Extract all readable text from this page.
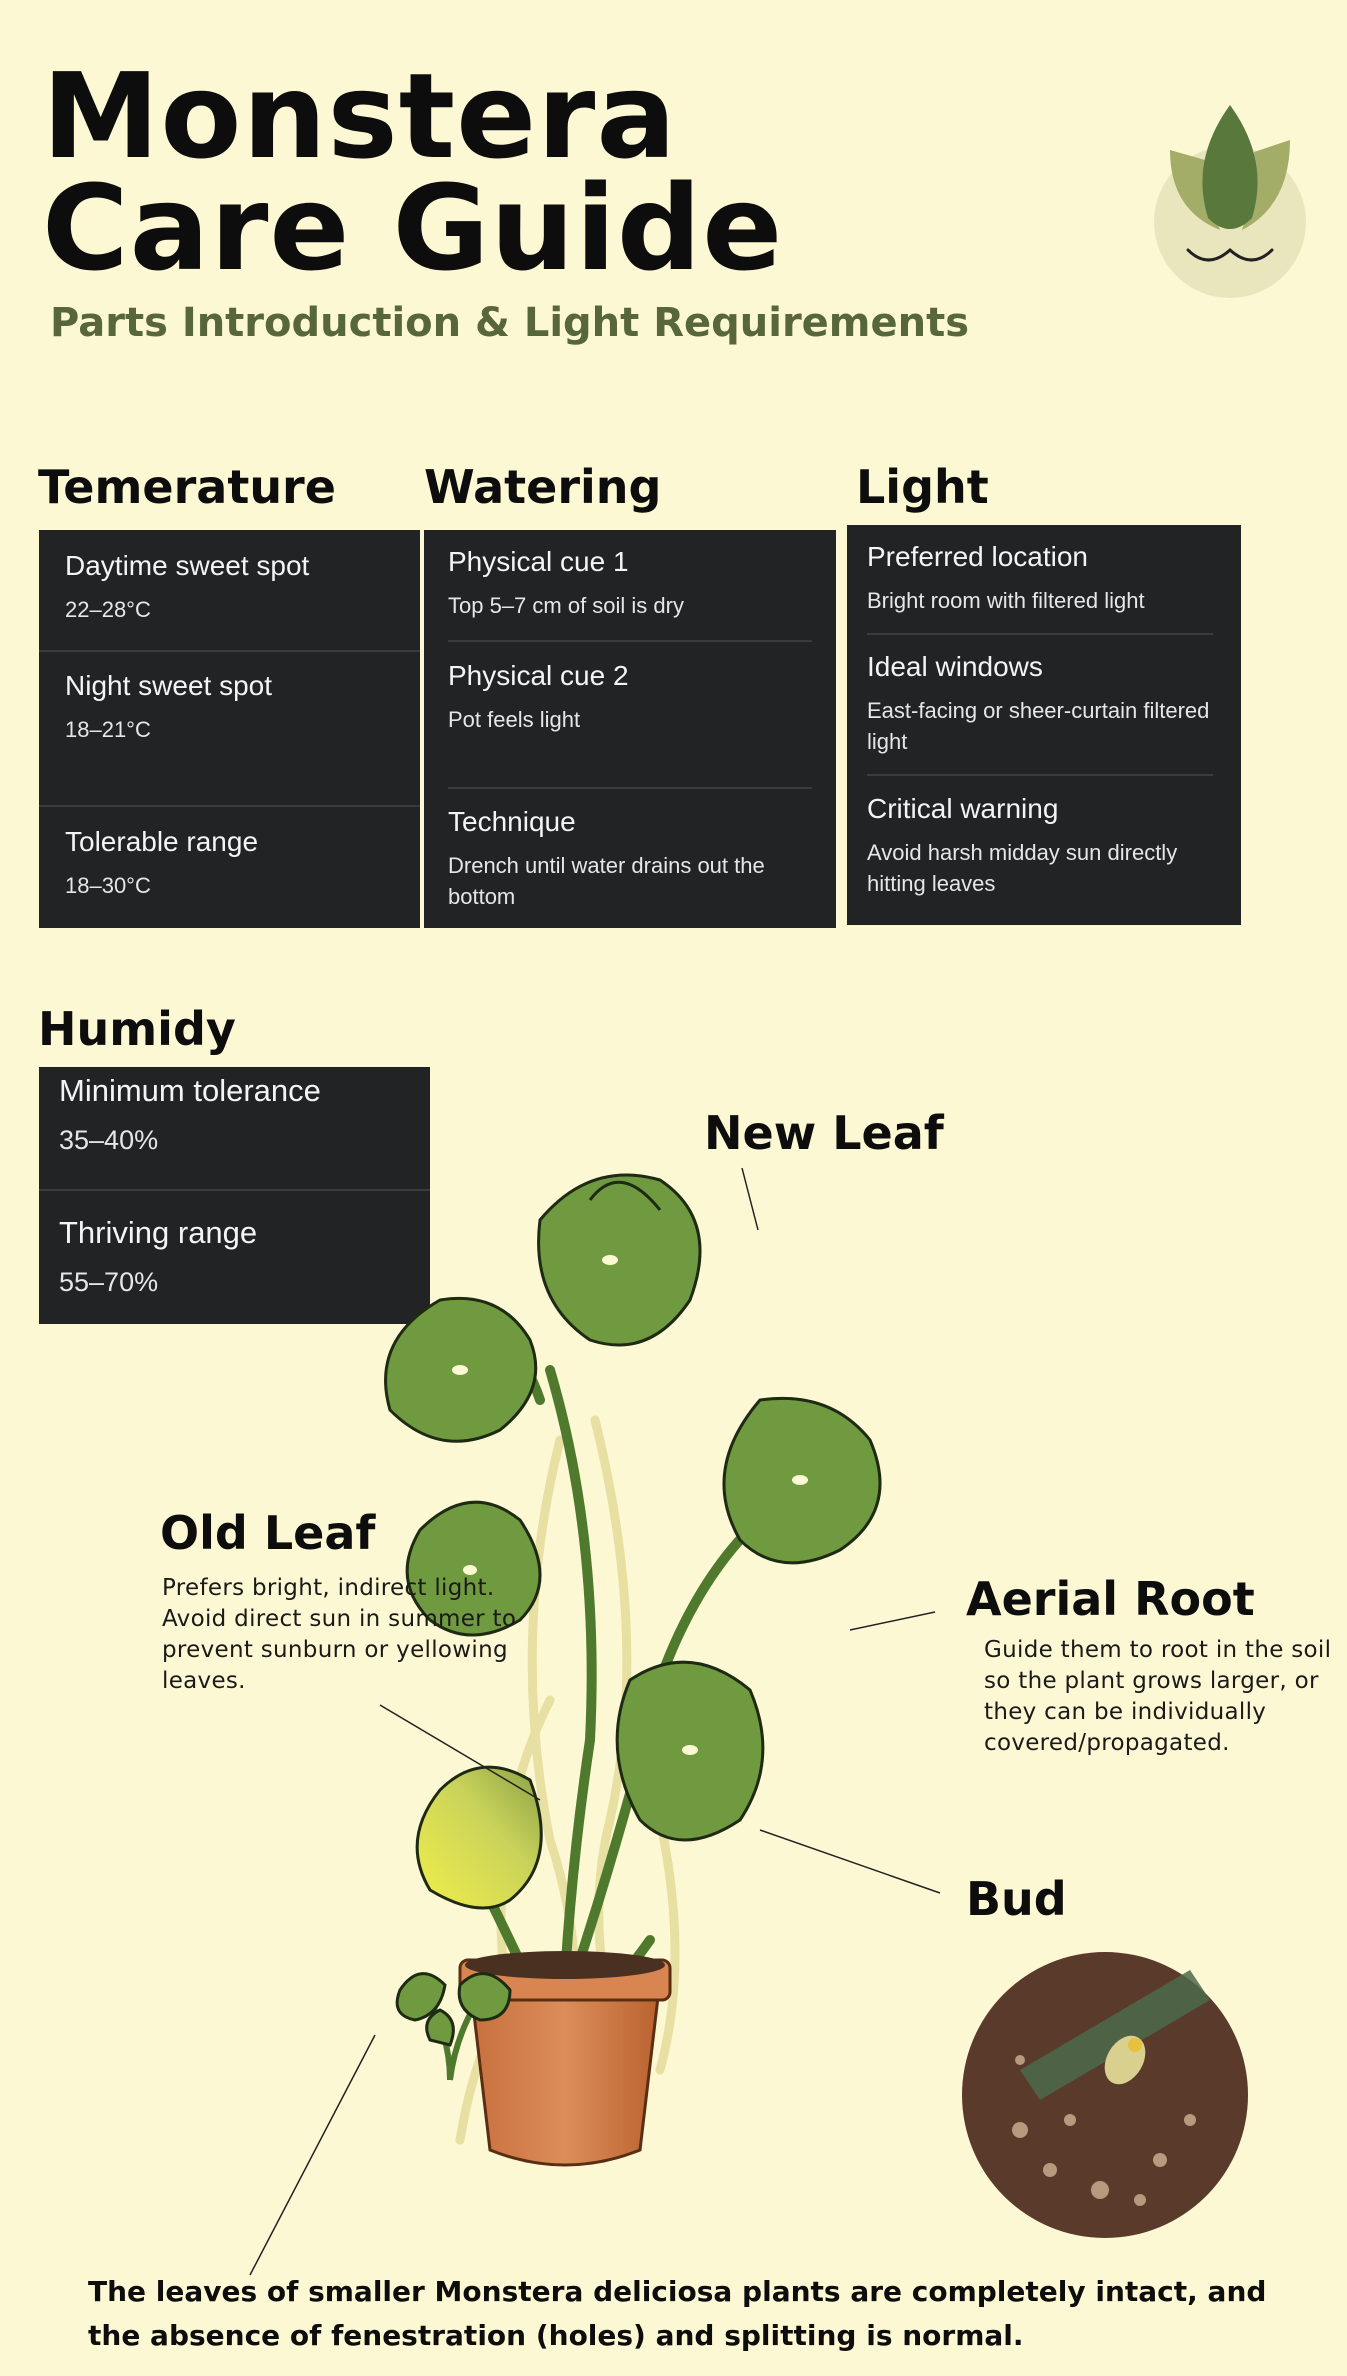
Monstera
Care Guide
Parts Introduction & Light Requirements
Temerature Watering	Light
Daytime sweet spot
22–28°C
Night sweet spot
18–21°C
Tolerable range
18–30°C
Physical cue 1
Top 5–7 cm of soil is dry
Physical cue 2
Pot feels light
Technique
Drench until water drains out the bottom
Preferred location
Bright room with filtered light
Ideal windows
East-facing or sheer-curtain filtered light
Critical warning
Avoid harsh midday sun directly hitting leaves
Humidy
Minimum tolerance
35–40%
Thriving range
55–70%
New Leaf
Old Leaf
Prefers bright, indirect light. Avoid direct sun in summer to prevent sunburn or yellowing leaves.
Aerial Root
Guide them to root in the soil so the plant grows larger, or they can be individually covered/propagated.
Bud
The leaves of smaller Monstera deliciosa plants are completely intact, and the absence of fenestration (holes) and splitting is normal.
